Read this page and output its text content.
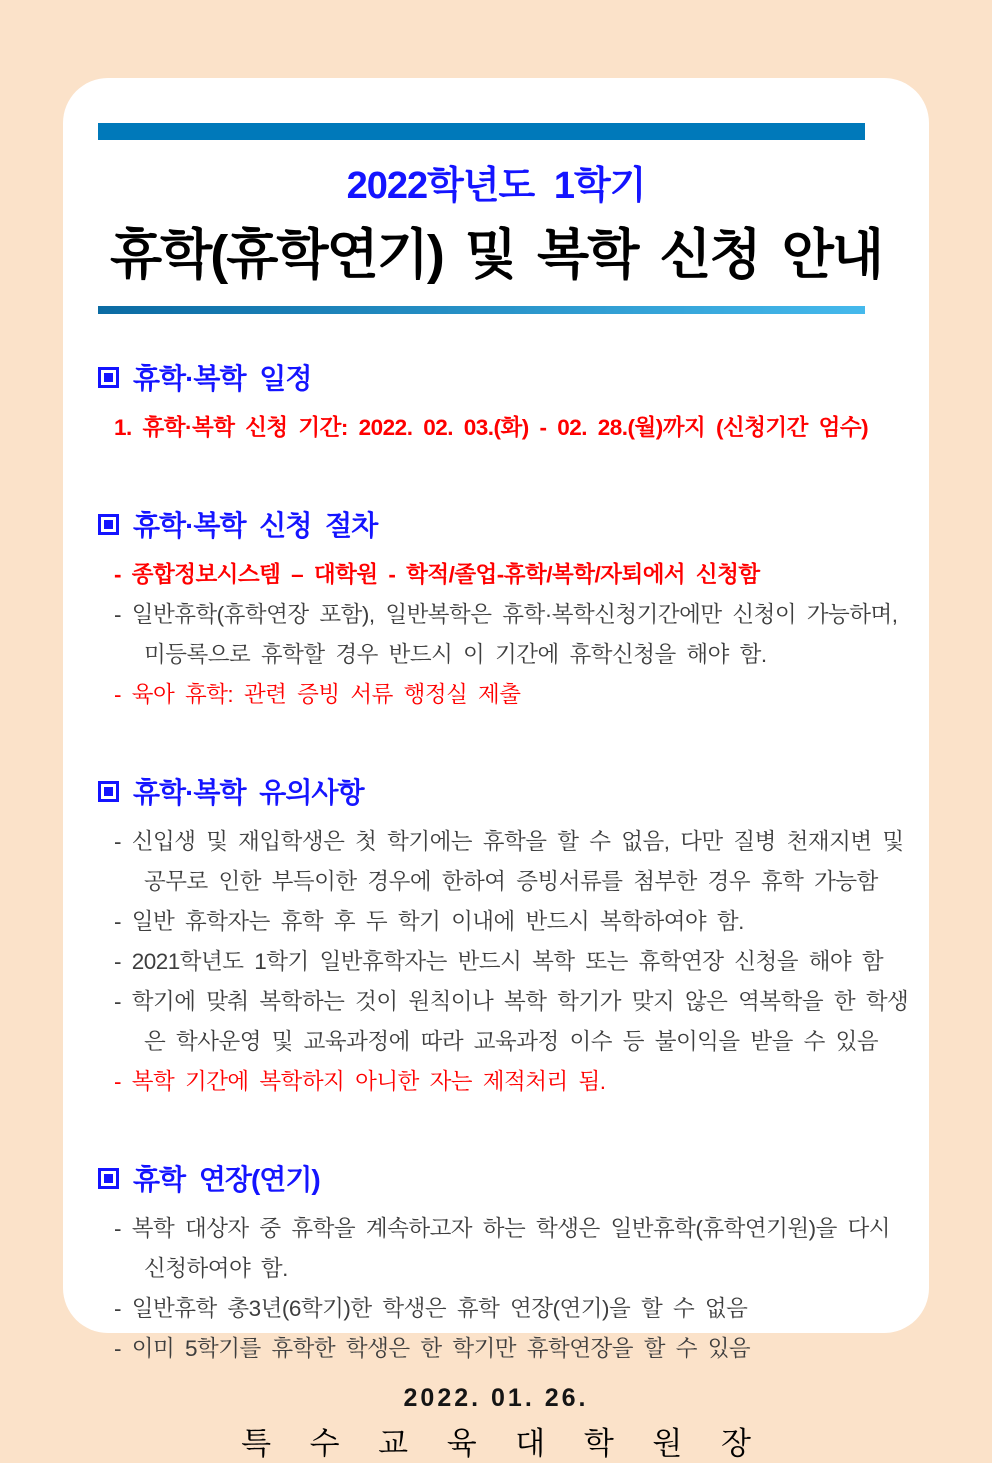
2022학년도 1학기
휴학(휴학연기) 및 복학 신청 안내
휴학·복학 일정
1. 휴학·복학 신청 기간: 2022. 02. 03.(화) - 02. 28.(월)까지 (신청기간 엄수)
휴학·복학 신청 절차
- 종합정보시스템 – 대학원 - 학적/졸업-휴학/복학/자퇴에서 신청함
- 일반휴학(휴학연장 포함), 일반복학은 휴학·복학신청기간에만 신청이 가능하며,
미등록으로 휴학할 경우 반드시 이 기간에 휴학신청을 해야 함.
- 육아 휴학: 관련 증빙 서류 행정실 제출
휴학·복학 유의사항
- 신입생 및 재입학생은 첫 학기에는 휴학을 할 수 없음, 다만 질병 천재지변 및
공무로 인한 부득이한 경우에 한하여 증빙서류를 첨부한 경우 휴학 가능함
- 일반 휴학자는 휴학 후 두 학기 이내에 반드시 복학하여야 함.
- 2021학년도 1학기 일반휴학자는 반드시 복학 또는 휴학연장 신청을 해야 함
- 학기에 맞춰 복학하는 것이 원칙이나 복학 학기가 맞지 않은 역복학을 한 학생
은 학사운영 및 교육과정에 따라 교육과정 이수 등 불이익을 받을 수 있음
- 복학 기간에 복학하지 아니한 자는 제적처리 됨.
휴학 연장(연기)
- 복학 대상자 중 휴학을 계속하고자 하는 학생은 일반휴학(휴학연기원)을 다시
신청하여야 함.
- 일반휴학 총3년(6학기)한 학생은 휴학 연장(연기)을 할 수 없음
- 이미 5학기를 휴학한 학생은 한 학기만 휴학연장을 할 수 있음
2022. 01. 26.
특 수 교 육 대 학 원 장
